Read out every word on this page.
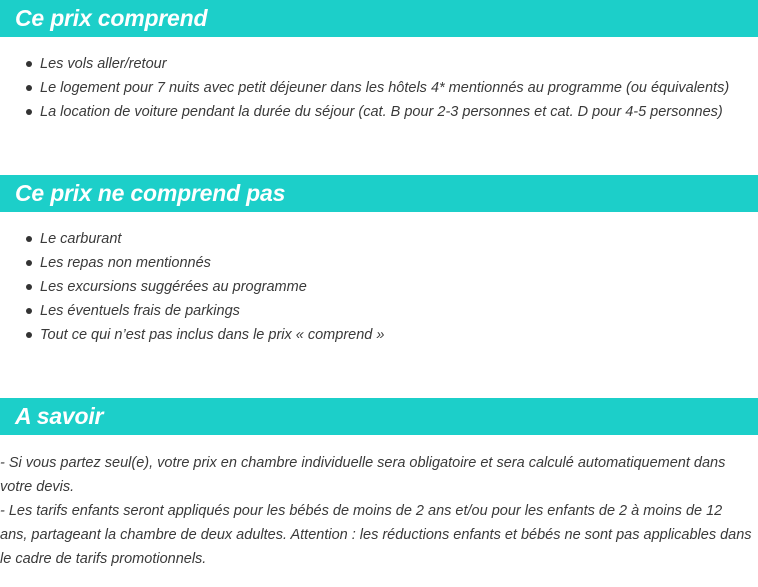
Ce prix comprend
Les vols aller/retour
Le logement pour 7 nuits avec petit déjeuner dans les hôtels 4* mentionnés au programme (ou équivalents)
La location de voiture pendant la durée du séjour (cat. B pour 2-3 personnes et cat. D pour 4-5 personnes)
Ce prix ne comprend pas
Le carburant
Les repas non mentionnés
Les excursions suggérées au programme
Les éventuels frais de parkings
Tout ce qui n’est pas inclus dans le prix « comprend »
A savoir

- Si vous partez seul(e), votre prix en chambre individuelle sera obligatoire et sera calculé automatiquement dans votre devis.

- Les tarifs enfants seront appliqués pour les bébés de moins de 2 ans et/ou pour les enfants de 2 à moins de 12 ans, partageant la chambre de deux adultes. Attention : les réductions enfants et bébés ne sont pas applicables dans le cadre de tarifs promotionnels.
